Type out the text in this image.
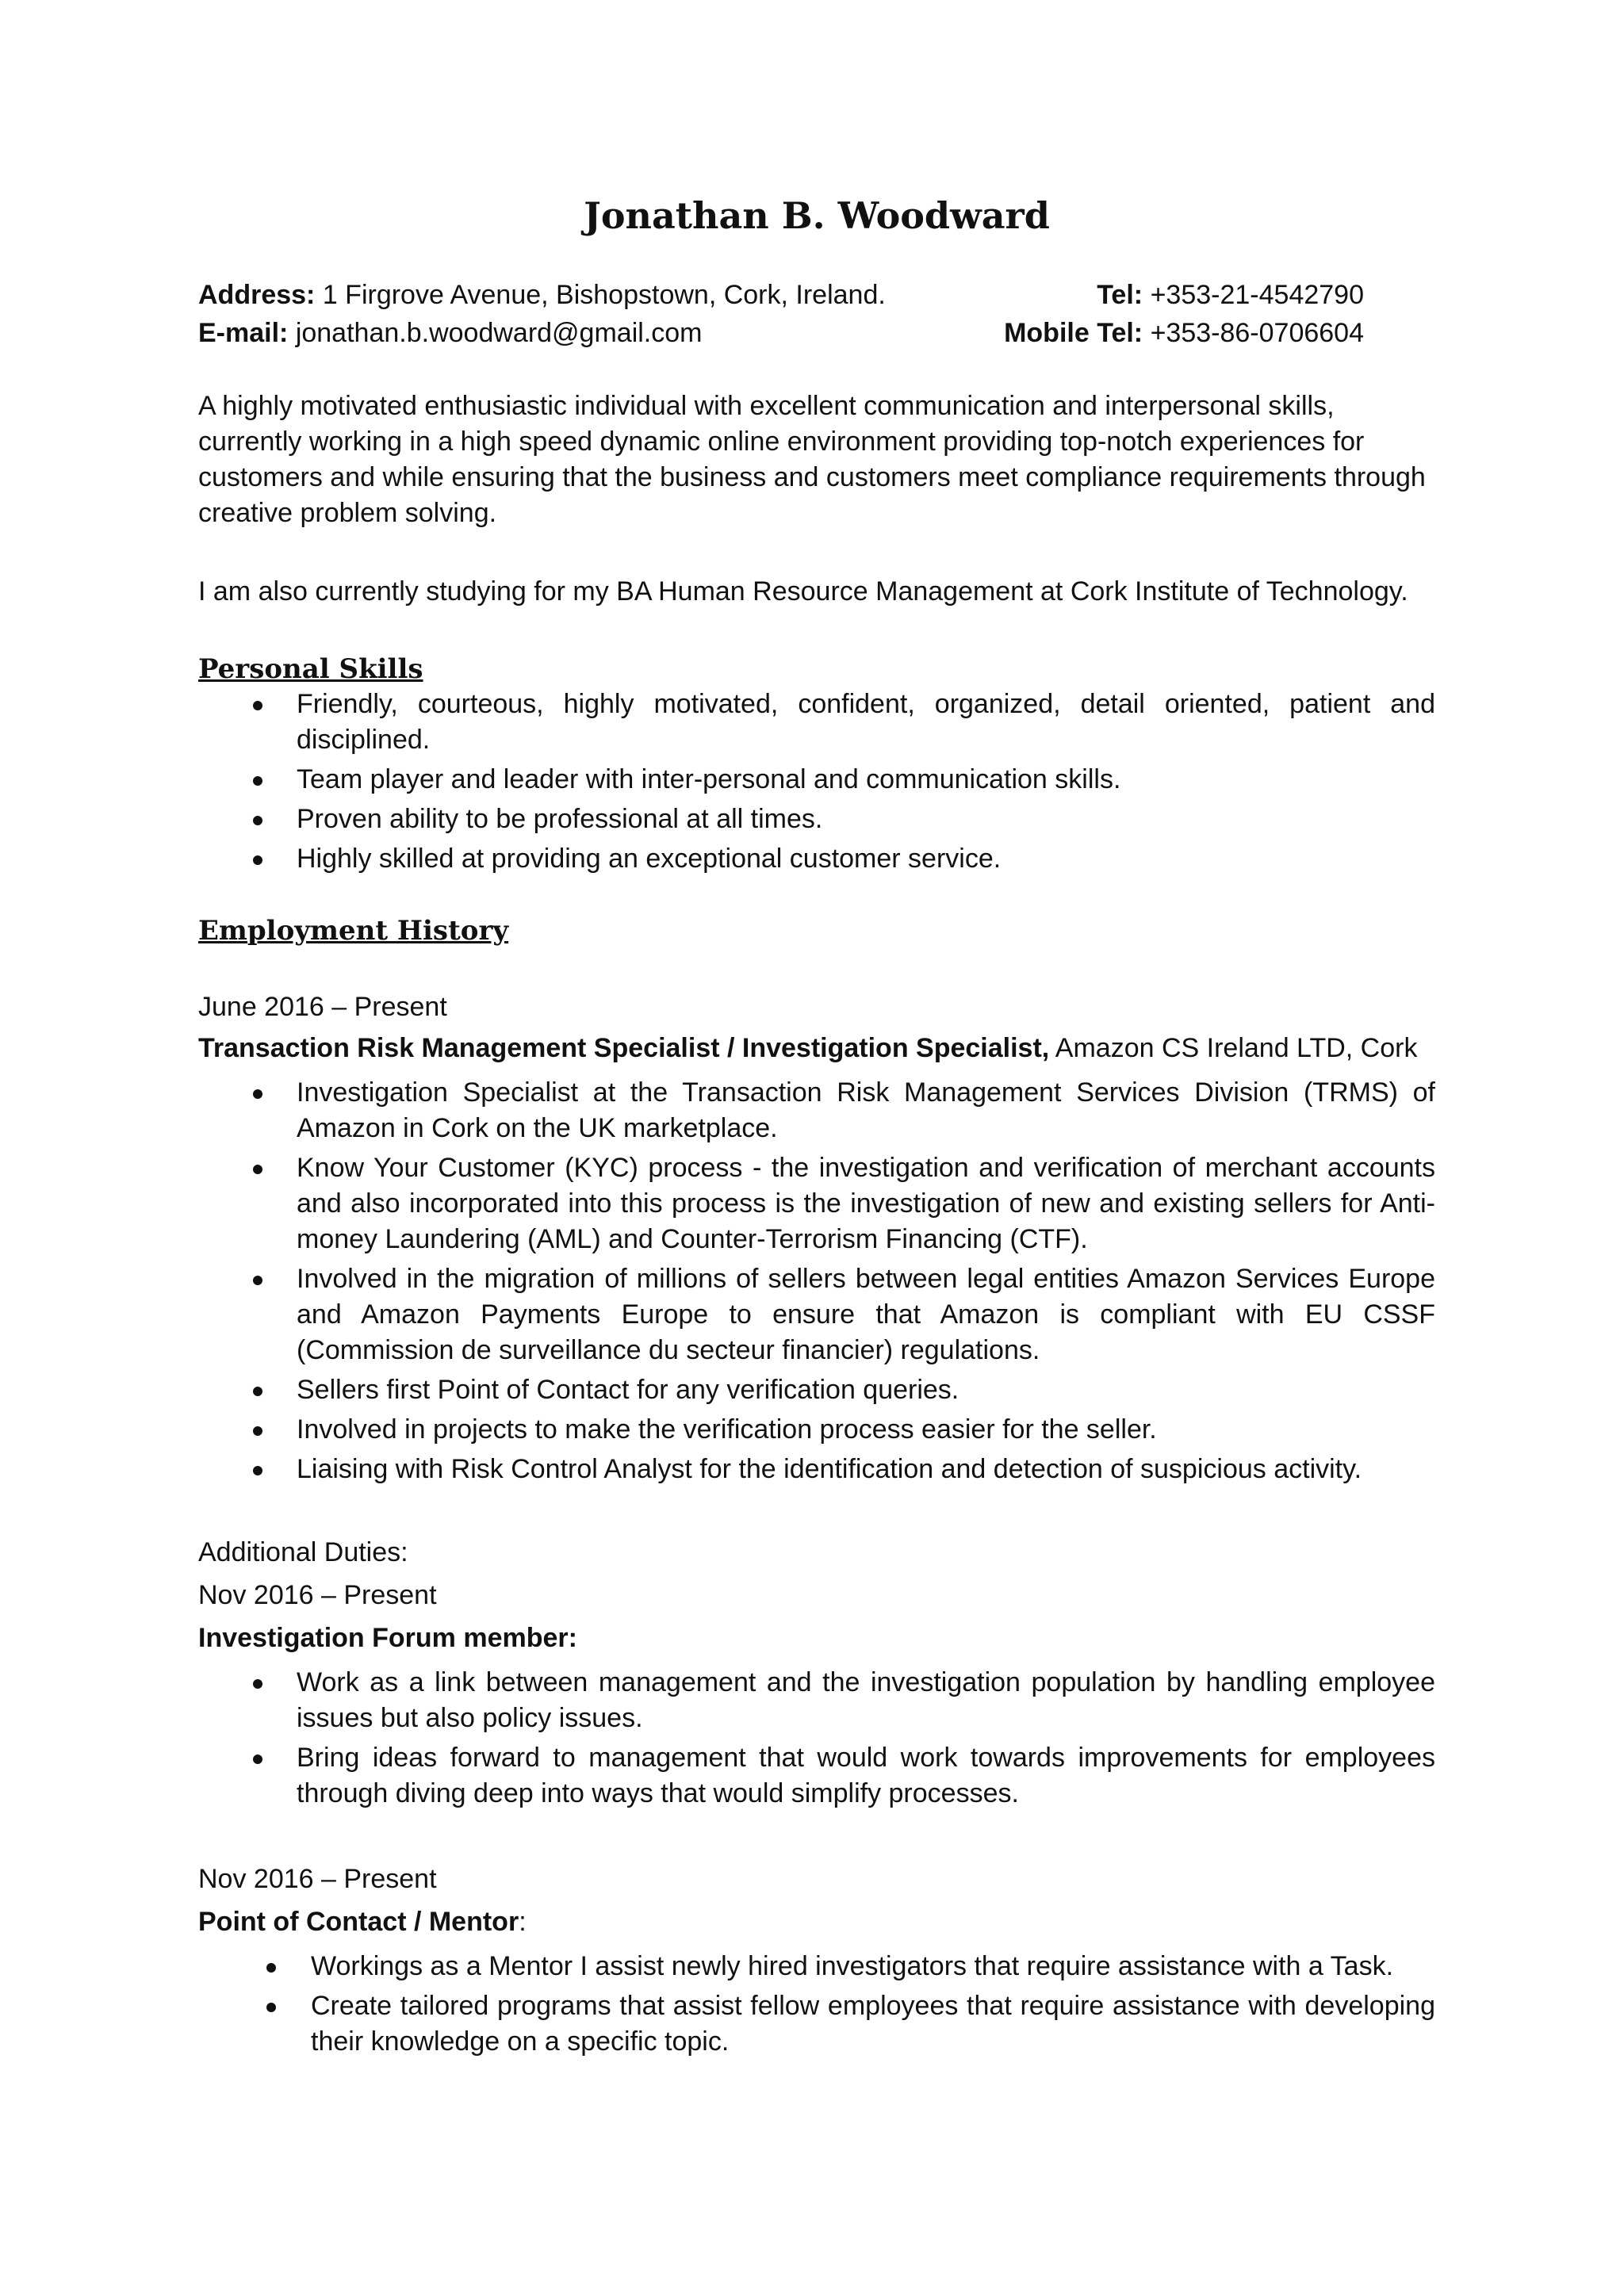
Jonathan B. Woodward
Address: 1 Firgrove Avenue, Bishopstown, Cork, Ireland.	Tel: +353-21-4542790
E-mail: jonathan.b.woodward@gmail.com	Mobile Tel: +353-86-0706604
A highly motivated enthusiastic individual with excellent communication and interpersonal skills, currently working in a high speed dynamic online environment providing top-notch experiences for customers and while ensuring that the business and customers meet compliance requirements through creative problem solving.
I am also currently studying for my BA Human Resource Management at Cork Institute of Technology.
Personal Skills
Friendly, courteous, highly motivated, confident, organized, detail oriented, patient and disciplined.
Team player and leader with inter-personal and communication skills.
Proven ability to be professional at all times.
Highly skilled at providing an exceptional customer service.
Employment History
June 2016 – Present
Transaction Risk Management Specialist / Investigation Specialist, Amazon CS Ireland LTD, Cork
Investigation Specialist at the Transaction Risk Management Services Division (TRMS) of Amazon in Cork on the UK marketplace.
Know Your Customer (KYC) process - the investigation and verification of merchant accounts and also incorporated into this process is the investigation of new and existing sellers for Anti-money Laundering (AML) and Counter-Terrorism Financing (CTF).
Involved in the migration of millions of sellers between legal entities Amazon Services Europe and Amazon Payments Europe to ensure that Amazon is compliant with EU CSSF (Commission de surveillance du secteur financier) regulations.
Sellers first Point of Contact for any verification queries.
Involved in projects to make the verification process easier for the seller.
Liaising with Risk Control Analyst for the identification and detection of suspicious activity.
Additional Duties:
Nov 2016 – Present
Investigation Forum member:
Work as a link between management and the investigation population by handling employee issues but also policy issues.
Bring ideas forward to management that would work towards improvements for employees through diving deep into ways that would simplify processes.
Nov 2016 – Present
Point of Contact / Mentor:
Workings as a Mentor I assist newly hired investigators that require assistance with a Task.
Create tailored programs that assist fellow employees that require assistance with developing their knowledge on a specific topic.
